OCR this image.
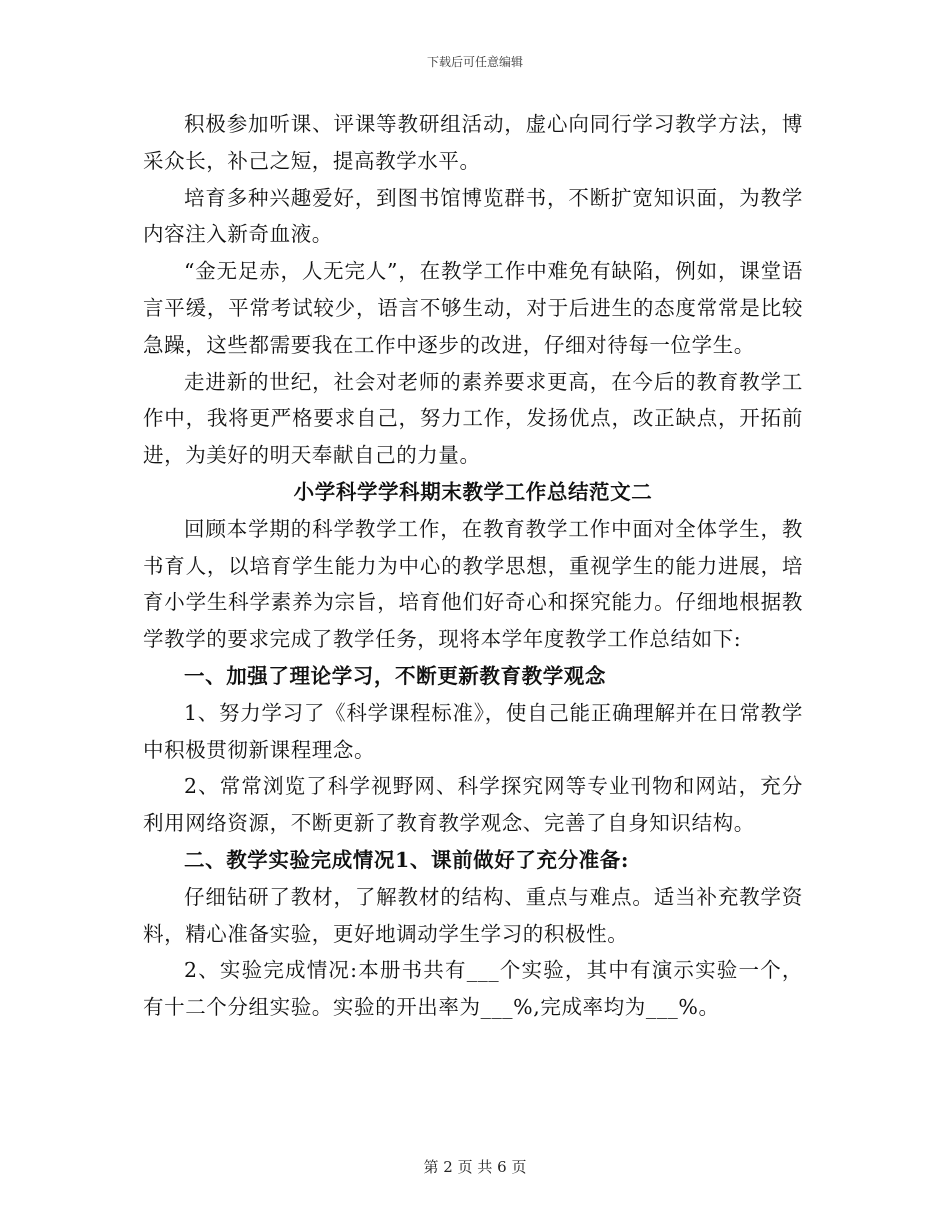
下载后可任意编辑

积极参加听课、评课等教研组活动，虚心向同行学习教学方法，博采众长，补己之短，提高教学水平。

培育多种兴趣爱好，到图书馆博览群书，不断扩宽知识面，为教学内容注入新奇血液。

“金无足赤，人无完人”，在教学工作中难免有缺陷，例如，课堂语言平缓，平常考试较少，语言不够生动，对于后进生的态度常常是比较急躁，这些都需要我在工作中逐步的改进，仔细对待每一位学生。

走进新的世纪，社会对老师的素养要求更高，在今后的教育教学工作中，我将更严格要求自己，努力工作，发扬优点，改正缺点，开拓前进，为美好的明天奉献自己的力量。

小学科学学科期末教学工作总结范文二

回顾本学期的科学教学工作，在教育教学工作中面对全体学生，教书育人，以培育学生能力为中心的教学思想，重视学生的能力进展，培育小学生科学素养为宗旨，培育他们好奇心和探究能力。仔细地根据教学教学的要求完成了教学任务，现将本学年度教学工作总结如下:

一、加强了理论学习，不断更新教育教学观念

1、努力学习了《科学课程标准》，使自己能正确理解并在日常教学中积极贯彻新课程理念。

2、常常浏览了科学视野网、科学探究网等专业刊物和网站，充分利用网络资源，不断更新了教育教学观念、完善了自身知识结构。

二、教学实验完成情况1、课前做好了充分准备:

仔细钻研了教材，了解教材的结构、重点与难点。适当补充教学资料，精心准备实验，更好地调动学生学习的积极性。

2、实验完成情况:本册书共有___个实验，其中有演示实验一个，有十二个分组实验。实验的开出率为___%,完成率均为___%。

第 2 页 共 6 页
